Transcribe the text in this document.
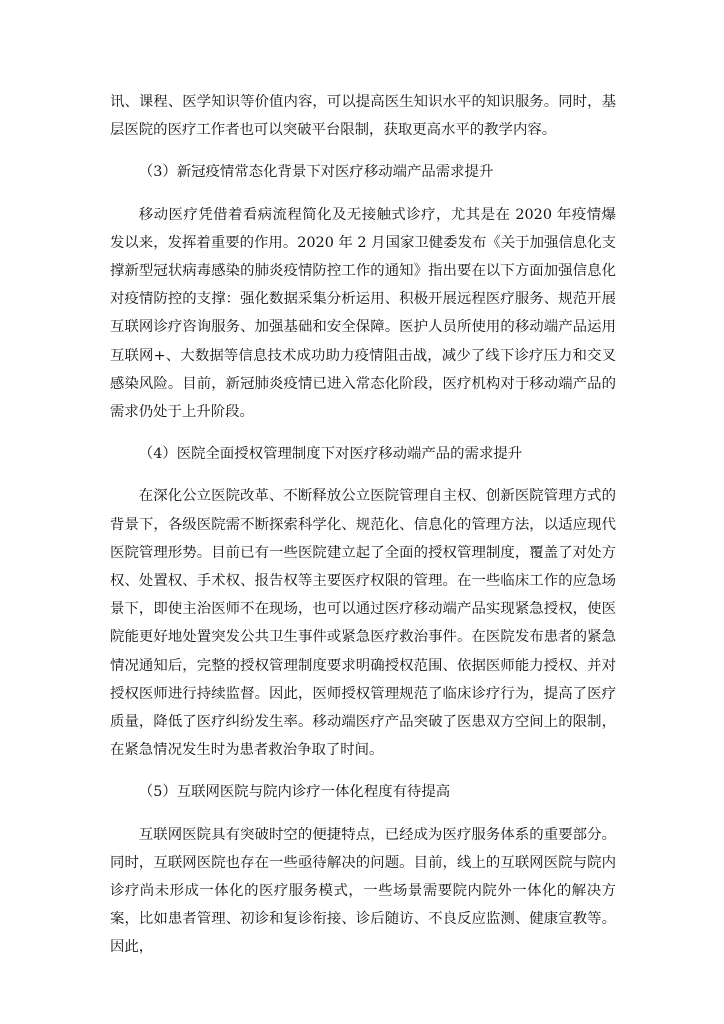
讯、课程、医学知识等价值内容，可以提高医生知识水平的知识服务。同时，基层医院的医疗工作者也可以突破平台限制，获取更高水平的教学内容。

（3）新冠疫情常态化背景下对医疗移动端产品需求提升

移动医疗凭借着看病流程简化及无接触式诊疗，尤其是在 2020 年疫情爆发以来，发挥着重要的作用。2020 年 2 月国家卫健委发布《关于加强信息化支撑新型冠状病毒感染的肺炎疫情防控工作的通知》指出要在以下方面加强信息化对疫情防控的支撑：强化数据采集分析运用、积极开展远程医疗服务、规范开展互联网诊疗咨询服务、加强基础和安全保障。医护人员所使用的移动端产品运用互联网+、大数据等信息技术成功助力疫情阻击战，减少了线下诊疗压力和交叉感染风险。目前，新冠肺炎疫情已进入常态化阶段，医疗机构对于移动端产品的需求仍处于上升阶段。

（4）医院全面授权管理制度下对医疗移动端产品的需求提升

在深化公立医院改革、不断释放公立医院管理自主权、创新医院管理方式的背景下，各级医院需不断探索科学化、规范化、信息化的管理方法，以适应现代医院管理形势。目前已有一些医院建立起了全面的授权管理制度，覆盖了对处方权、处置权、手术权、报告权等主要医疗权限的管理。在一些临床工作的应急场景下，即使主治医师不在现场，也可以通过医疗移动端产品实现紧急授权，使医院能更好地处置突发公共卫生事件或紧急医疗救治事件。在医院发布患者的紧急情况通知后，完整的授权管理制度要求明确授权范围、依据医师能力授权、并对授权医师进行持续监督。因此，医师授权管理规范了临床诊疗行为，提高了医疗质量，降低了医疗纠纷发生率。移动端医疗产品突破了医患双方空间上的限制，在紧急情况发生时为患者救治争取了时间。

（5）互联网医院与院内诊疗一体化程度有待提高

互联网医院具有突破时空的便捷特点，已经成为医疗服务体系的重要部分。同时，互联网医院也存在一些亟待解决的问题。目前，线上的互联网医院与院内诊疗尚未形成一体化的医疗服务模式，一些场景需要院内院外一体化的解决方案，比如患者管理、初诊和复诊衔接、诊后随访、不良反应监测、健康宣教等。因此，
